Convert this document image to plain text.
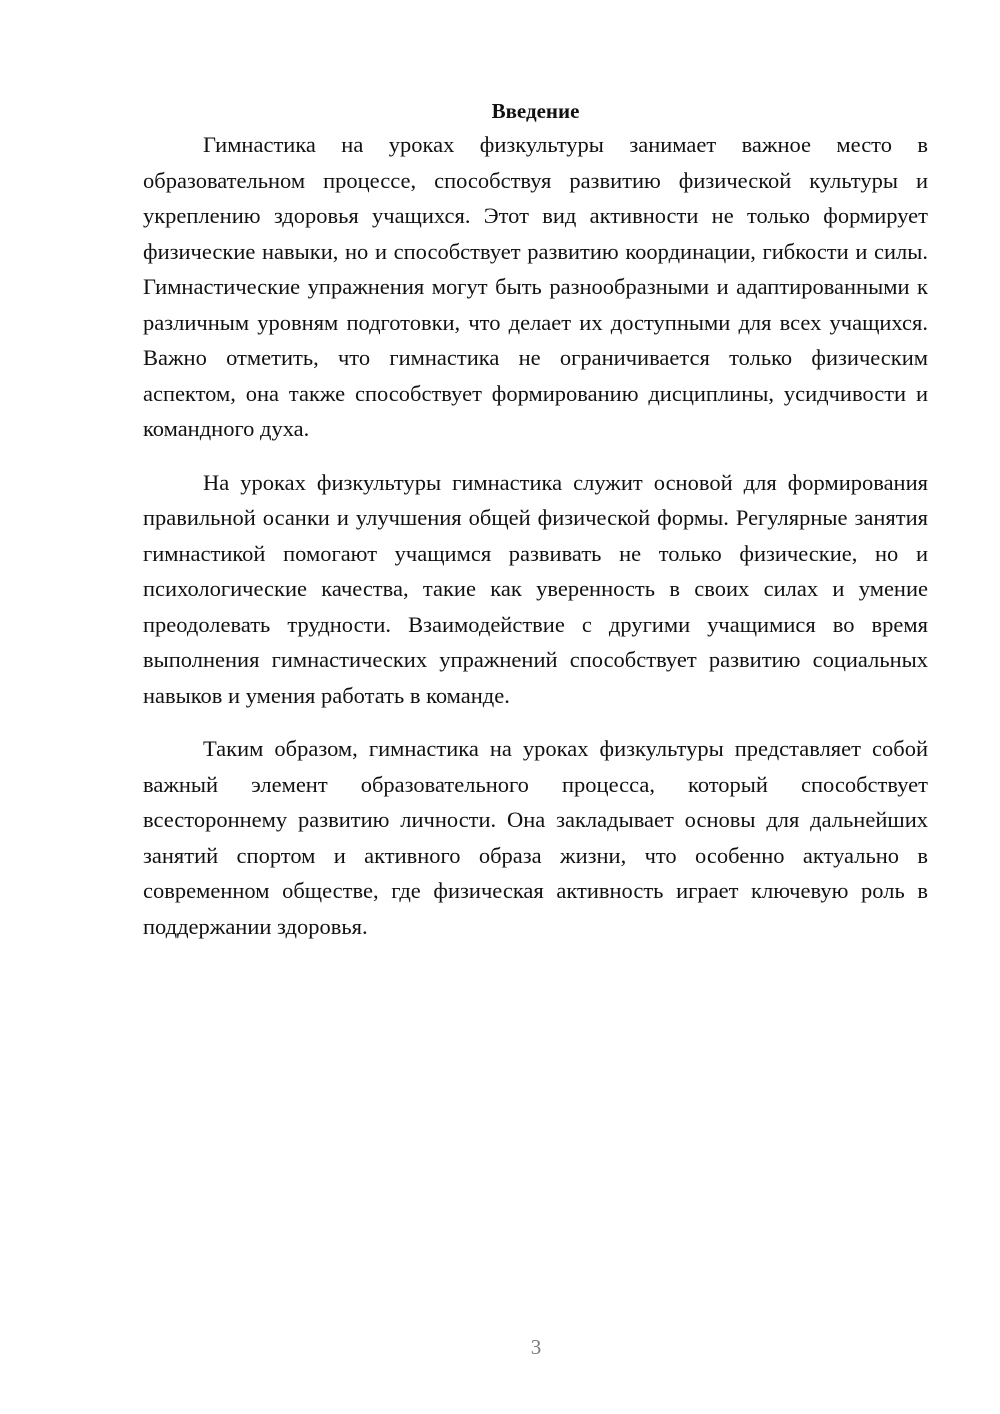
Введение

Гимнастика на уроках физкультуры занимает важное место в образовательном процессе, способствуя развитию физической культуры и укреплению здоровья учащихся. Этот вид активности не только формирует физические навыки, но и способствует развитию координации, гибкости и силы. Гимнастические упражнения могут быть разнообразными и адаптированными к различным уровням подготовки, что делает их доступными для всех учащихся. Важно отметить, что гимнастика не ограничивается только физическим аспектом, она также способствует формированию дисциплины, усидчивости и командного духа.

На уроках физкультуры гимнастика служит основой для формирования правильной осанки и улучшения общей физической формы. Регулярные занятия гимнастикой помогают учащимся развивать не только физические, но и психологические качества, такие как уверенность в своих силах и умение преодолевать трудности. Взаимодействие с другими учащимися во время выполнения гимнастических упражнений способствует развитию социальных навыков и умения работать в команде.

Таким образом, гимнастика на уроках физкультуры представляет собой важный элемент образовательного процесса, который способствует всестороннему развитию личности. Она закладывает основы для дальнейших занятий спортом и активного образа жизни, что особенно актуально в современном обществе, где физическая активность играет ключевую роль в поддержании здоровья.

3
